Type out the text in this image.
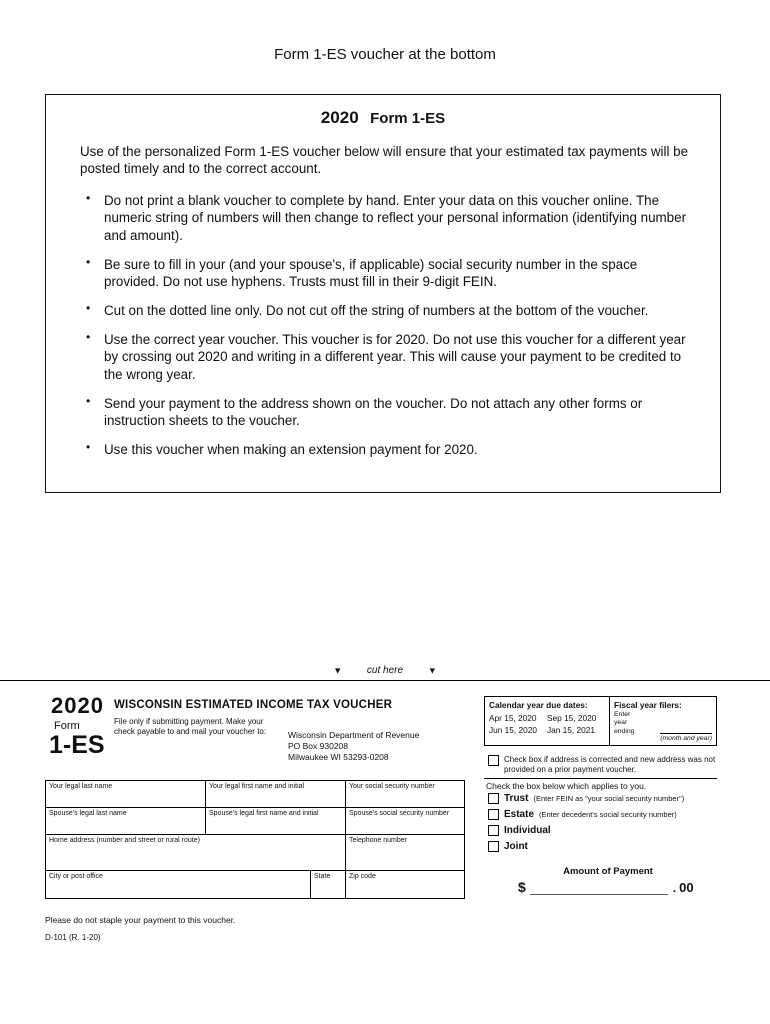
Form 1-ES voucher at the bottom
2020 Form 1-ES
Use of the personalized Form 1-ES voucher below will ensure that your estimated tax payments will be posted timely and to the correct account.
• Do not print a blank voucher to complete by hand. Enter your data on this voucher online. The numeric string of numbers will then change to reflect your personal information (identifying number and amount).
• Be sure to fill in your (and your spouse's, if applicable) social security number in the space provided. Do not use hyphens. Trusts must fill in their 9-digit FEIN.
• Cut on the dotted line only. Do not cut off the string of numbers at the bottom of the voucher.
• Use the correct year voucher. This voucher is for 2020. Do not use this voucher for a different year by crossing out 2020 and writing in a different year. This will cause your payment to be credited to the wrong year.
• Send your payment to the address shown on the voucher. Do not attach any other forms or instruction sheets to the voucher.
• Use this voucher when making an extension payment for 2020.
▼ cut here	▼
2020
Form
1-ES
WISCONSIN ESTIMATED INCOME TAX VOUCHER
File only if submitting payment. Make your check payable to and mail your voucher to:	Wisconsin Department of Revenue
PO Box 930208
Milwaukee WI 53293-0208
Calendar year due dates:
Apr 15, 2020	Sep 15, 2020
Jun 15, 2020	Jan 15, 2021
Fiscal year filers:
Enter
year
ending
(month and year)
Check box if address is corrected and new address was not provided on a prior payment voucher.
Check the box below which applies to you.
Trust (Enter FEIN as "your social security number")
Estate (Enter decedent's social security number)
Individual
Joint
Amount of Payment
$	. 00
Your legal last name	Your legal first name and initial	Your social security number
Spouse's legal last name	Spouse's legal first name and initial	Spouse's social security number
Home address (number and street or rural route)	Telephone number
City or post office	State	Zip code
Please do not staple your payment to this voucher.
D-101 (R. 1-20)
